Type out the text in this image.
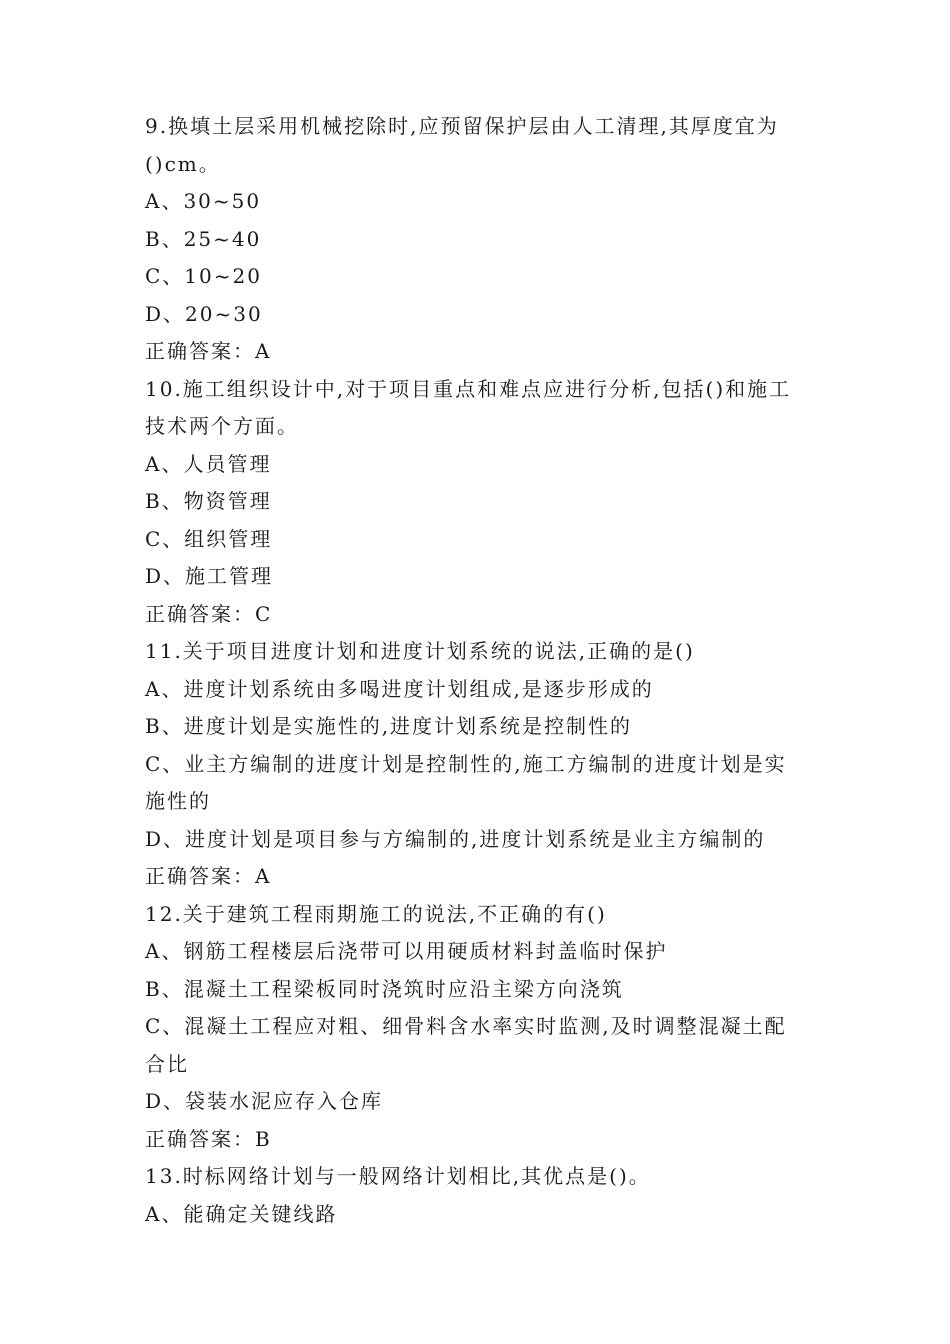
9.换填土层采用机械挖除时,应预留保护层由人工清理,其厚度宜为
()cm。
A、30~50
B、25~40
C、10~20
D、20~30
正确答案：A
10.施工组织设计中,对于项目重点和难点应进行分析,包括()和施工
技术两个方面。
A、人员管理
B、物资管理
C、组织管理
D、施工管理
正确答案：C
11.关于项目进度计划和进度计划系统的说法,正确的是()
A、进度计划系统由多喝进度计划组成,是逐步形成的
B、进度计划是实施性的,进度计划系统是控制性的
C、业主方编制的进度计划是控制性的,施工方编制的进度计划是实
施性的
D、进度计划是项目参与方编制的,进度计划系统是业主方编制的
正确答案：A
12.关于建筑工程雨期施工的说法,不正确的有()
A、钢筋工程楼层后浇带可以用硬质材料封盖临时保护
B、混凝土工程梁板同时浇筑时应沿主梁方向浇筑
C、混凝土工程应对粗、细骨料含水率实时监测,及时调整混凝土配
合比
D、袋装水泥应存入仓库
正确答案：B
13.时标网络计划与一般网络计划相比,其优点是()。
A、能确定关键线路
